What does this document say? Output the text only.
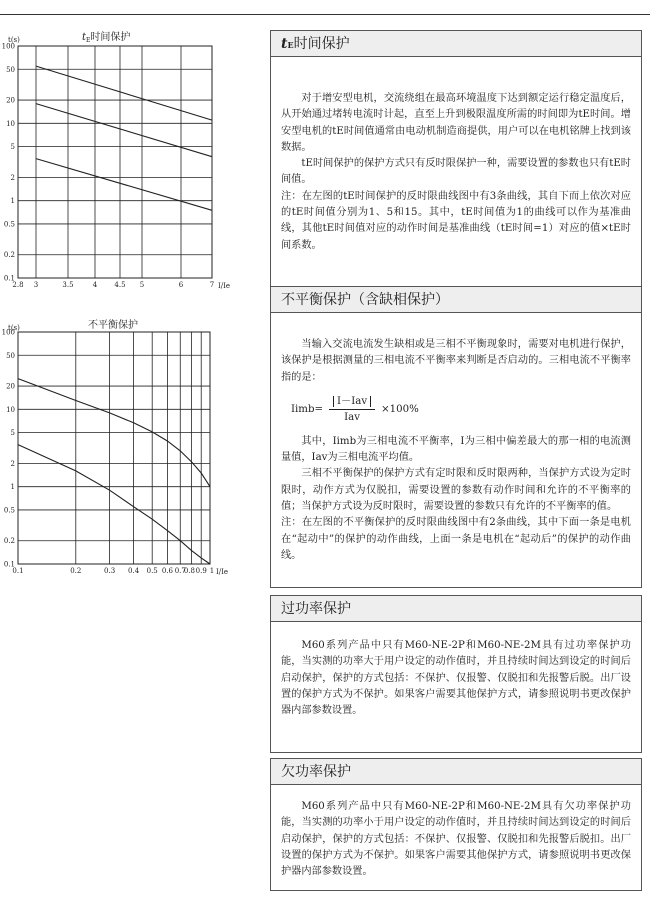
t(s)	$t_E$时间保护
100
50
20
10
5
2
1
0.5
0.2
0.1
2.8 3	3.5	4 4.5 5	6	7 I/Ie
t(s)	不平衡保护
100
50
20
10
5
2
1
0.5
0.2
0.1
0.1	0.2	0.3 0.4 0.5 0.6 0.7
0.8 0.9 1 I/Ie
tE时间保护

对于增安型电机，交流绕组在最高环境温度下达到额定运行稳定温度后，从开始通过堵转电流时计起，直至上升到极限温度所需的时间即为tE时间。增安型电机的tE时间值通常由电动机制造商提供，用户可以在电机铭牌上找到该数据。

tE时间保护的保护方式只有反时限保护一种，需要设置的参数也只有tE时间值。

注：在左图的tE时间保护的反时限曲线图中有3条曲线，其自下而上依次对应的tE时间值分别为1、5和15。其中，tE时间值为1的曲线可以作为基准曲线，其他tE时间值对应的动作时间是基准曲线（tE时间=1）对应的值×tE时间系数。

不平衡保护（含缺相保护）

当输入交流电流发生缺相或是三相不平衡现象时，需要对电机进行保护，该保护是根据测量的三相电流不平衡率来判断是否启动的。三相电流不平衡率指的是：

Iimb= $\frac{\text{I－Iav}}{\text{Iav}} \times 100\%$

其中，Iimb为三相电流不平衡率，I为三相中偏差最大的那一相的电流测量值，Iav为三相电流平均值。

三相不平衡保护的保护方式有定时限和反时限两种，当保护方式设为定时限时，动作方式为仅脱扣，需要设置的参数有动作时间和允许的不平衡率的值；当保护方式设为反时限时，需要设置的参数只有允许的不平衡率的值。

注：在左图的不平衡保护的反时限曲线图中有2条曲线，其中下面一条是电机在“起动中”的保护的动作曲线，上面一条是电机在“起动后”的保护的动作曲线。

过功率保护

M60系列产品中只有M60-NE-2P和M60-NE-2M具有过功率保护功能，当实测的功率大于用户设定的动作值时，并且持续时间达到设定的时间后启动保护，保护的方式包括：不保护、仅报警、仅脱扣和先报警后脱。出厂设置的保护方式为不保护。如果客户需要其他保护方式，请参照说明书更改保护器内部参数设置。

欠功率保护

M60系列产品中只有M60-NE-2P和M60-NE-2M具有欠功率保护功能，当实测的功率小于用户设定的动作值时，并且持续时间达到设定的时间后启动保护，保护的方式包括：不保护、仅报警、仅脱扣和先报警后脱扣。出厂设置的保护方式为不保护。如果客户需要其他保护方式，请参照说明书更改保护器内部参数设置。
